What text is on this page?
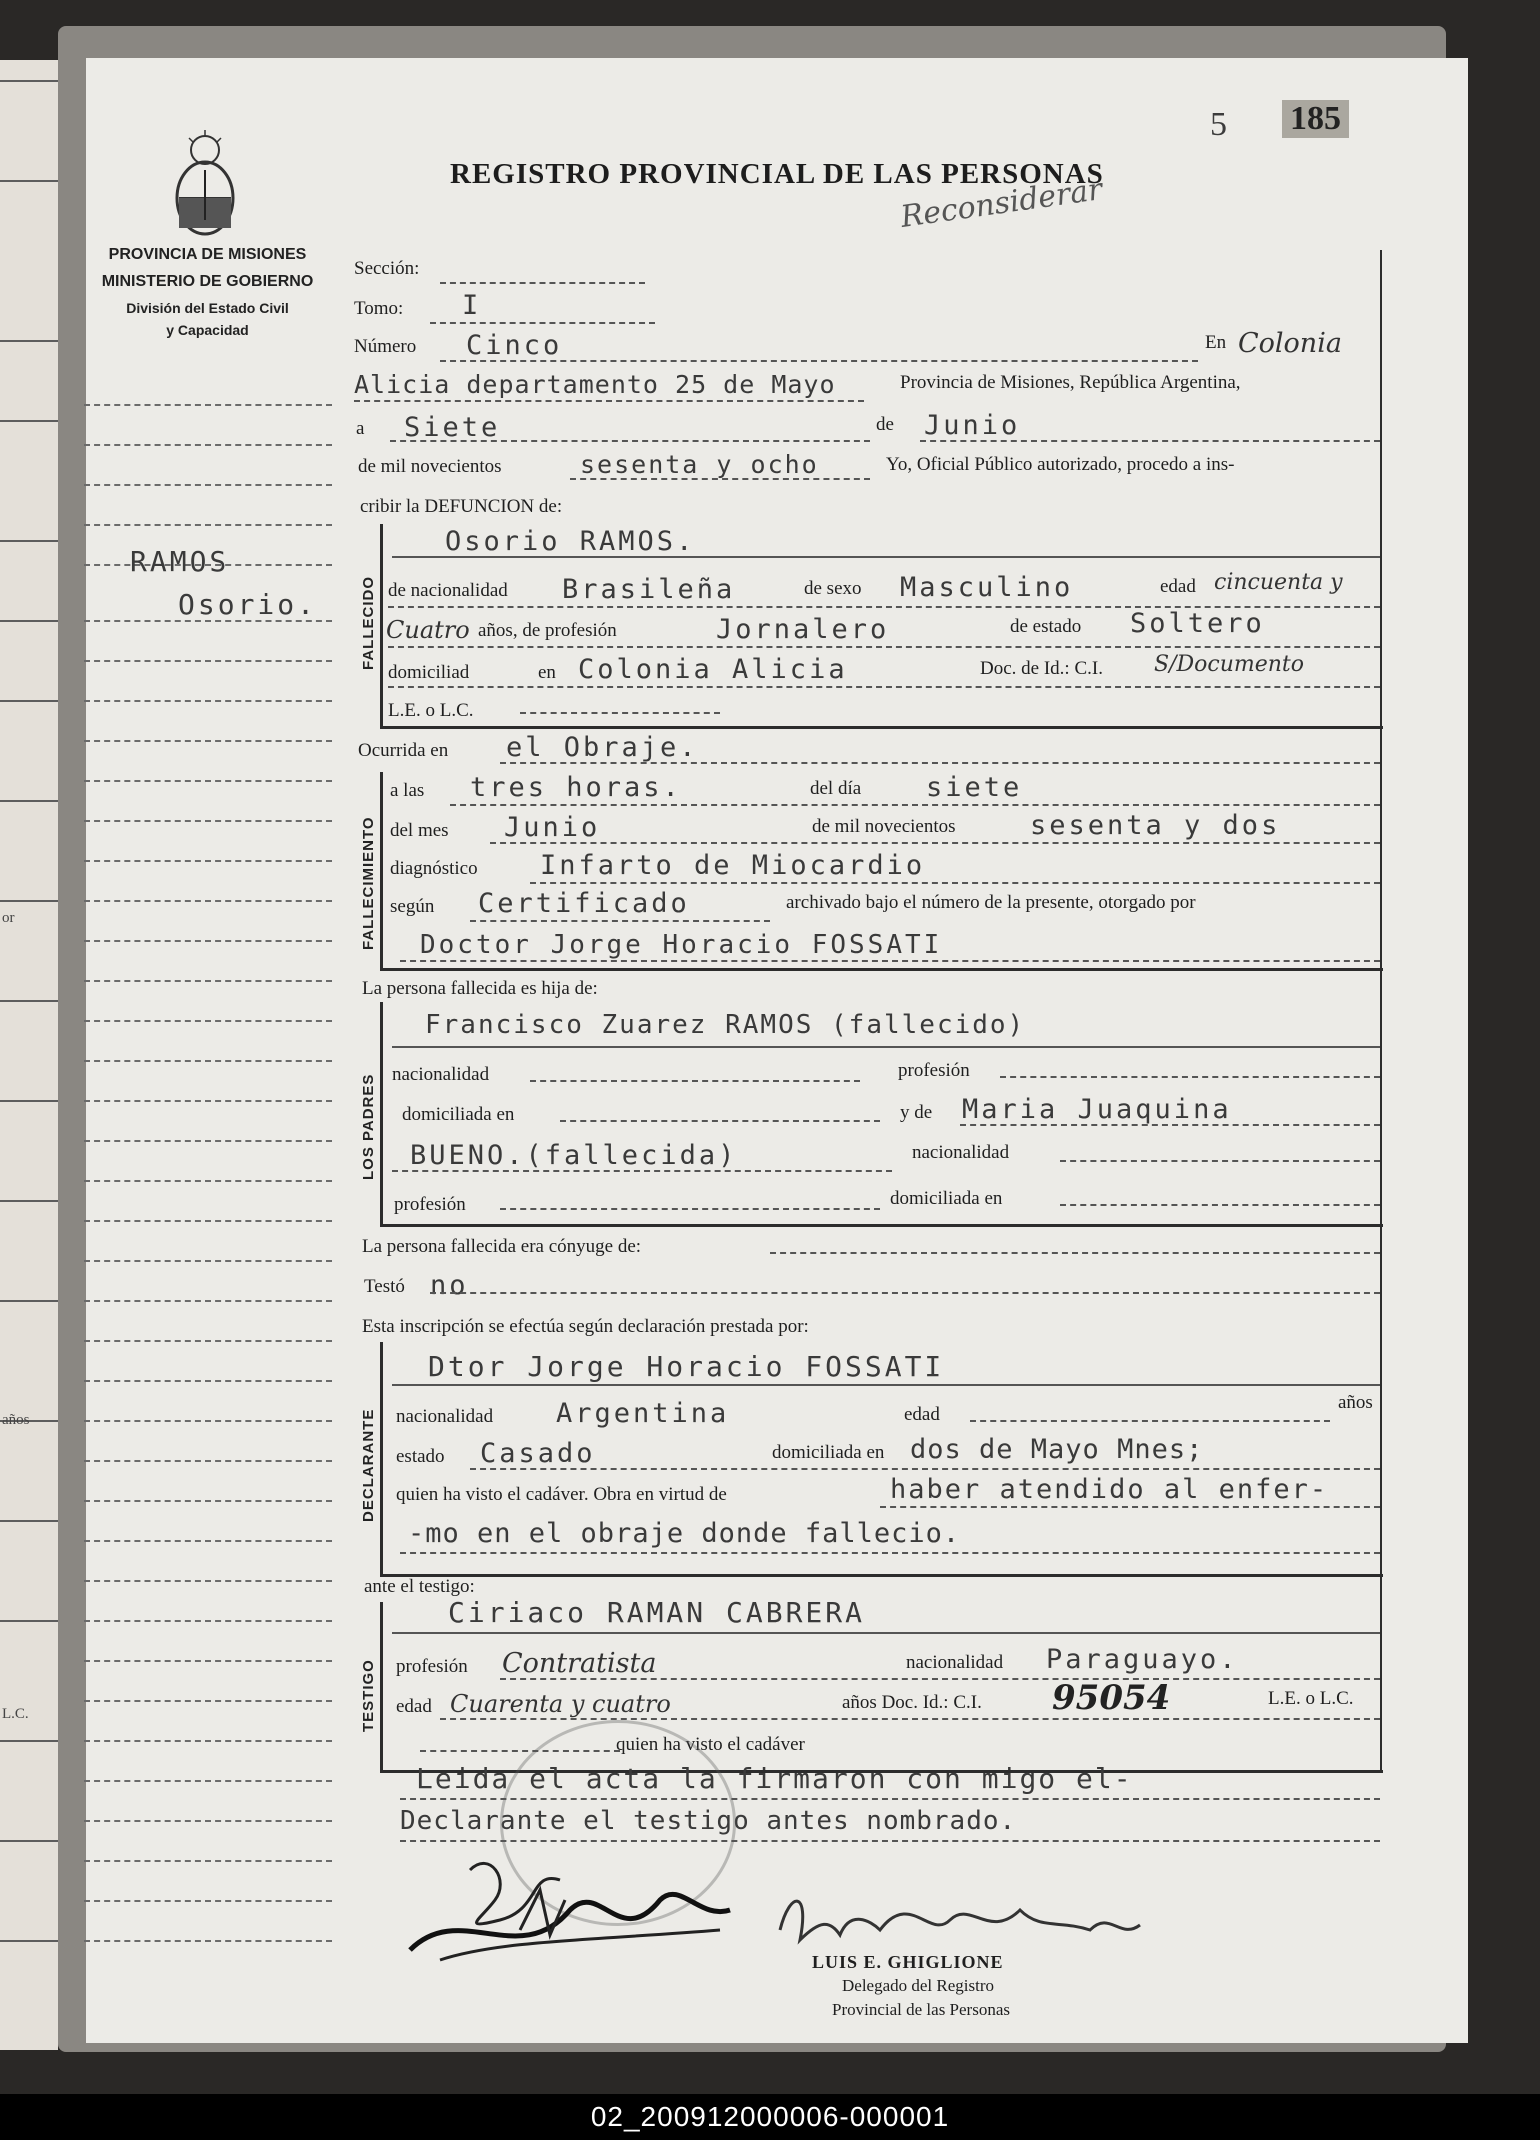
or
años
L.C.
5 185
Reconsiderar
PROVINCIA DE MISIONES
MINISTERIO DE GOBIERNO
División del Estado Civil
y Capacidad
REGISTRO PROVINCIAL DE LAS PERSONAS
RAMOS
Osorio.
Sección:
Tomo: I
Número Cinco	En Colonia
Alicia departamento 25 de Mayo	Provincia de Misiones, República Argentina,
a Siete	de Junio
de mil novecientos	sesenta y ocho	Yo, Oficial Público autorizado, procedo a ins-
cribir la DEFUNCION de:
FALLECIDO
Osorio RAMOS.
de nacionalidad Brasileña	de sexo Masculino	edad cincuenta y
Cuatro años, de profesión	Jornalero	de estado Soltero
domiciliad	en Colonia Alicia	Doc. de Id.: C.I. S/Documento
L.E. o L.C.
Ocurrida en el Obraje.
FALLECIMIENTO
a las tres horas.	del día siete
del mes Junio	de mil novecientos	sesenta y dos
diagnóstico Infarto de Miocardio
según Certificado	archivado bajo el número de la presente, otorgado por
Doctor Jorge Horacio FOSSATI
La persona fallecida es hija de:
LOS PADRES
Francisco Zuarez RAMOS (fallecido)
nacionalidad	profesión
domiciliada en	y de Maria Juaquina
BUENO.(fallecida)	nacionalidad
profesión	domiciliada en
La persona fallecida era cónyuge de:
Testó no
Esta inscripción se efectúa según declaración prestada por:
DECLARANTE
Dtor Jorge Horacio FOSSATI
nacionalidad Argentina	edad
años
estado Casado	domiciliada en dos de Mayo Mnes;
quien ha visto el cadáver. Obra en virtud de	haber atendido al enfer-
-mo en el obraje donde fallecio.
ante el testigo:
TESTIGO
Ciriaco RAMAN CABRERA
profesión Contratista	nacionalidad Paraguayo.
edad Cuarenta y cuatro	años Doc. Id.: C.I. 95054	L.E. o L.C.
quien ha visto el cadáver
Leida el acta la firmaron con migo el-
Declarante el testigo antes nombrado.
LUIS E. GHIGLIONE
Delegado del Registro
Provincial de las Personas
02_200912000006-000001
